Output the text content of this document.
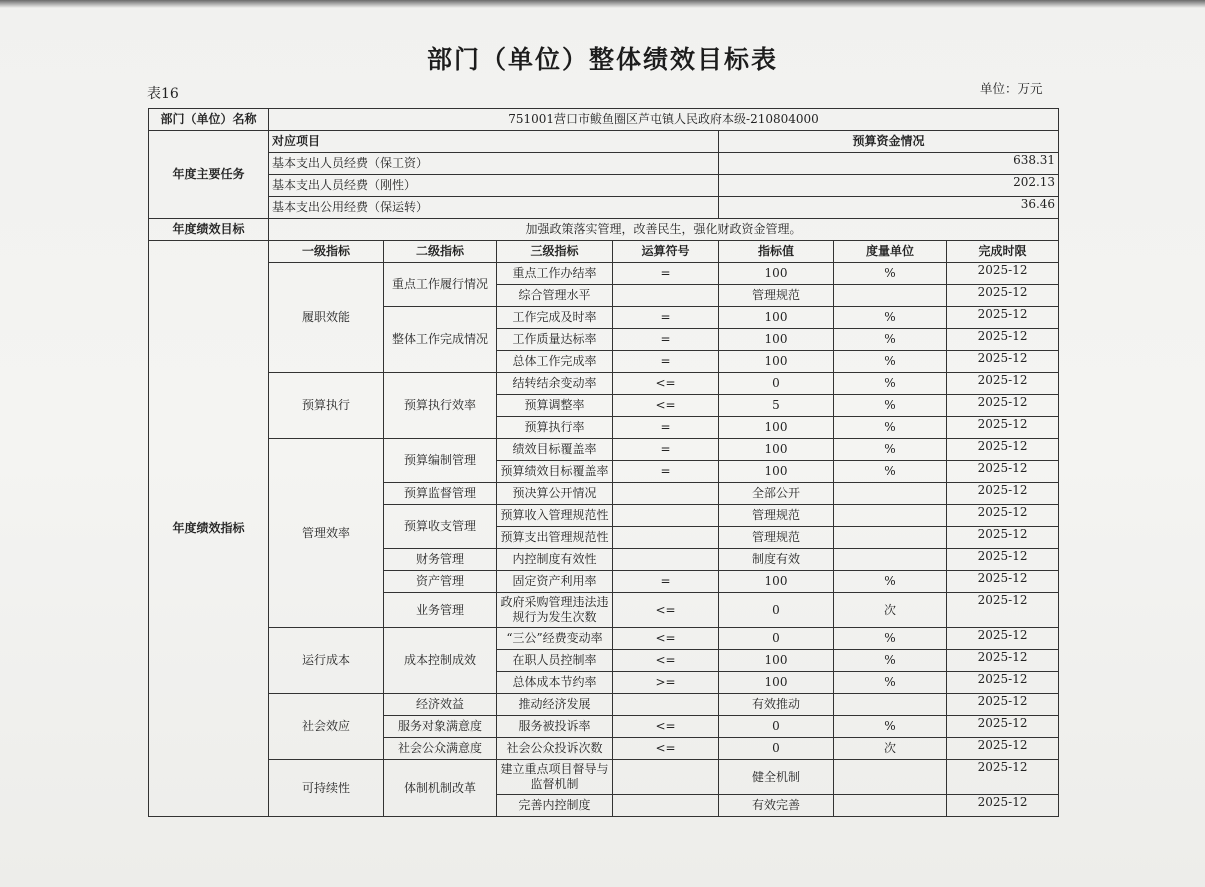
部门（单位）整体绩效目标表
表16	单位：万元
部门（单位）名称	751001营口市鲅鱼圈区芦屯镇人民政府本级-210804000						
年度主要任务	对应项目				预算资金情况		
	基本支出人员经费（保工资）				638.31		
	基本支出人员经费（刚性）				202.13		
	基本支出公用经费（保运转）				36.46		
年度绩效目标	加强政策落实管理，改善民生，强化财政资金管理。						
年度绩效指标	一级指标	二级指标	三级指标	运算符号	指标值	度量单位	完成时限
	履职效能	重点工作履行情况	重点工作办结率	=	100	%	2025-12
			综合管理水平		管理规范		2025-12
		整体工作完成情况	工作完成及时率	=	100	%	2025-12
			工作质量达标率	=	100	%	2025-12
			总体工作完成率	=	100	%	2025-12
	预算执行	预算执行效率	结转结余变动率	<=	0	%	2025-12
			预算调整率	<=	5	%	2025-12
			预算执行率	=	100	%	2025-12
	管理效率	预算编制管理	绩效目标覆盖率	=	100	%	2025-12
			预算绩效目标覆盖率	=	100	%	2025-12
		预算监督管理	预决算公开情况		全部公开		2025-12
		预算收支管理	预算收入管理规范性		管理规范		2025-12
			预算支出管理规范性		管理规范		2025-12
		财务管理	内控制度有效性		制度有效		2025-12
		资产管理	固定资产利用率	=	100	%	2025-12
		业务管理	政府采购管理违法违规行为发生次数	<=	0	次	2025-12
	运行成本	成本控制成效	“三公”经费变动率	<=	0	%	2025-12
			在职人员控制率	<=	100	%	2025-12
			总体成本节约率	>=	100	%	2025-12
	社会效应	经济效益	推动经济发展		有效推动		2025-12
		服务对象满意度	服务被投诉率	<=	0	%	2025-12
		社会公众满意度	社会公众投诉次数	<=	0	次	2025-12
	可持续性	体制机制改革	建立重点项目督导与监督机制		健全机制		2025-12
			完善内控制度		有效完善		2025-12
